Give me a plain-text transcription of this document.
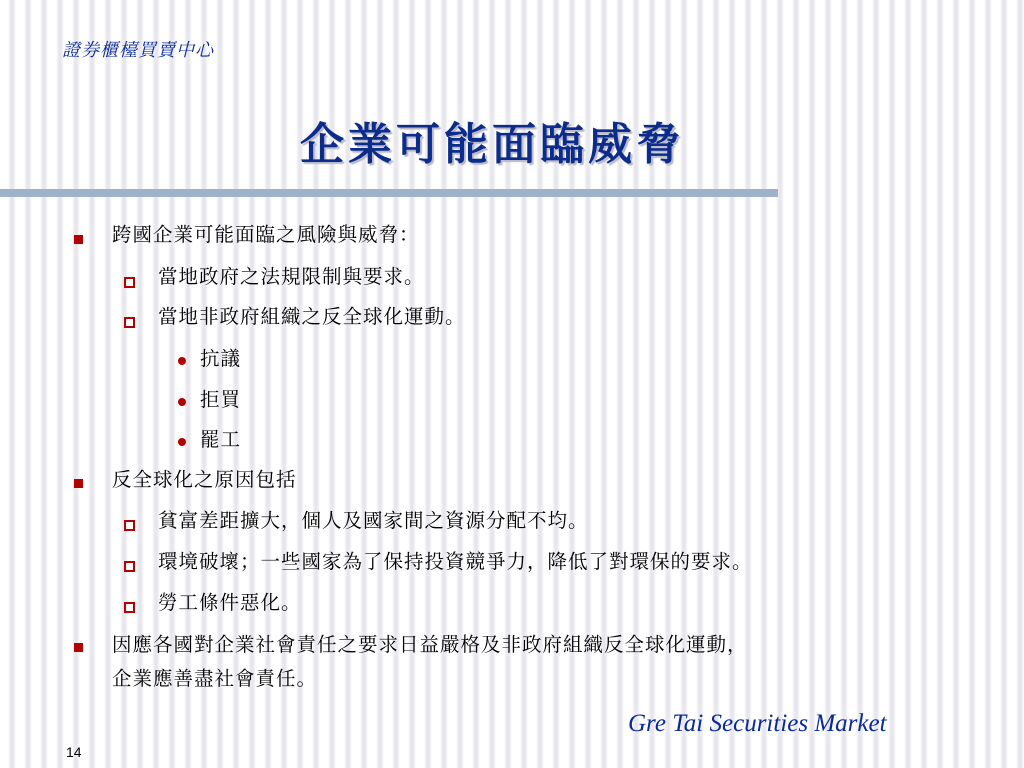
證券櫃檯買賣中心
企業可能面臨威脅
跨國企業可能面臨之風險與威脅：
當地政府之法規限制與要求。
當地非政府組織之反全球化運動。
抗議
拒買
罷工
反全球化之原因包括
貧富差距擴大，個人及國家間之資源分配不均。
環境破壞；一些國家為了保持投資競爭力，降低了對環保的要求。
勞工條件惡化。
因應各國對企業社會責任之要求日益嚴格及非政府組織反全球化運動，
企業應善盡社會責任。
Gre Tai Securities Market
14
